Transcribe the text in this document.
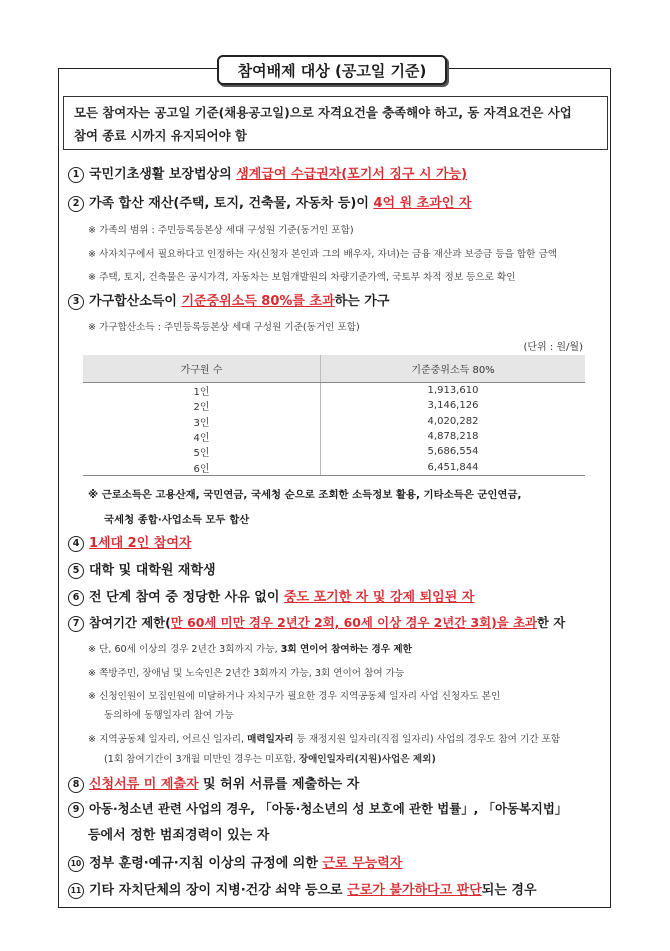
참여배제 대상 (공고일 기준)
모든 참여자는 공고일 기준(채용공고일)으로 자격요건을 충족해야 하고, 동 자격요건은 사업
참여 종료 시까지 유지되어야 함
1 국민기초생활 보장법상의 생계급여 수급권자(포기서 징구 시 가능)
2 가족 합산 재산(주택, 토지, 건축물, 자동차 등)이 4억 원 초과인 자
※ 가족의 범위 : 주민등록등본상 세대 구성원 기준(동거인 포함)
※ 사자치구에서 필요하다고 인정하는 자(신청자 본인과 그의 배우자, 자녀)는 금융 재산과 보증금 등을 합한 금액
※ 주택, 토지, 건축물은 공시가격, 자동차는 보험개발원의 차량기준가액, 국토부 차적 정보 등으로 확인
3 가구합산소득이 기준중위소득 80%를 초과하는 가구
※ 가구합산소득 : 주민등록등본상 세대 구성원 기준(동거인 포함)
(단위 : 원/월)
가구원 수	기준중위소득 80%
1인	1,913,610
2인	3,146,126
3인	4,020,282
4인	4,878,218
5인	5,686,554
6인	6,451,844
※ 근로소득은 고용산재, 국민연금, 국세청 순으로 조회한 소득정보 활용, 기타소득은 군인연금,
국세청 종합·사업소득 모두 합산
4 1세대 2인 참여자
5 대학 및 대학원 재학생
6 전 단계 참여 중 정당한 사유 없이 중도 포기한 자 및 강제 퇴임된 자
7 참여기간 제한(만 60세 미만 경우 2년간 2회, 60세 이상 경우 2년간 3회)을 초과한 자
※ 단, 60세 이상의 경우 2년간 3회까지 가능, 3회 연이어 참여하는 경우 제한
※ 쪽방주민, 장애님 및 노숙인은 2년간 3회까지 가능, 3회 연이어 참여 가능
※ 신청인원이 모집인원에 미달하거나 자치구가 필요한 경우 지역공동체 일자리 사업 신청자도 본인
동의하에 동행일자리 참여 가능
※ 지역공동체 일자리, 어르신 일자리, 매력일자리 등 재정지원 일자리(직접 일자리) 사업의 경우도 참여 기간 포함
(1회 참여기간이 3개월 미만인 경우는 미포함, 장애인일자리(지원)사업은 제외)
8 신청서류 미 제출자 및 허위 서류를 제출하는 자
9 아동·청소년 관련 사업의 경우, 「아동·청소년의 성 보호에 관한 법률」, 「아동복지법」
등에서 정한 범죄경력이 있는 자
10 정부 훈령·예규·지침 이상의 규정에 의한 근로 무능력자
11 기타 자치단체의 장이 지병·건강 쇠약 등으로 근로가 불가하다고 판단되는 경우
